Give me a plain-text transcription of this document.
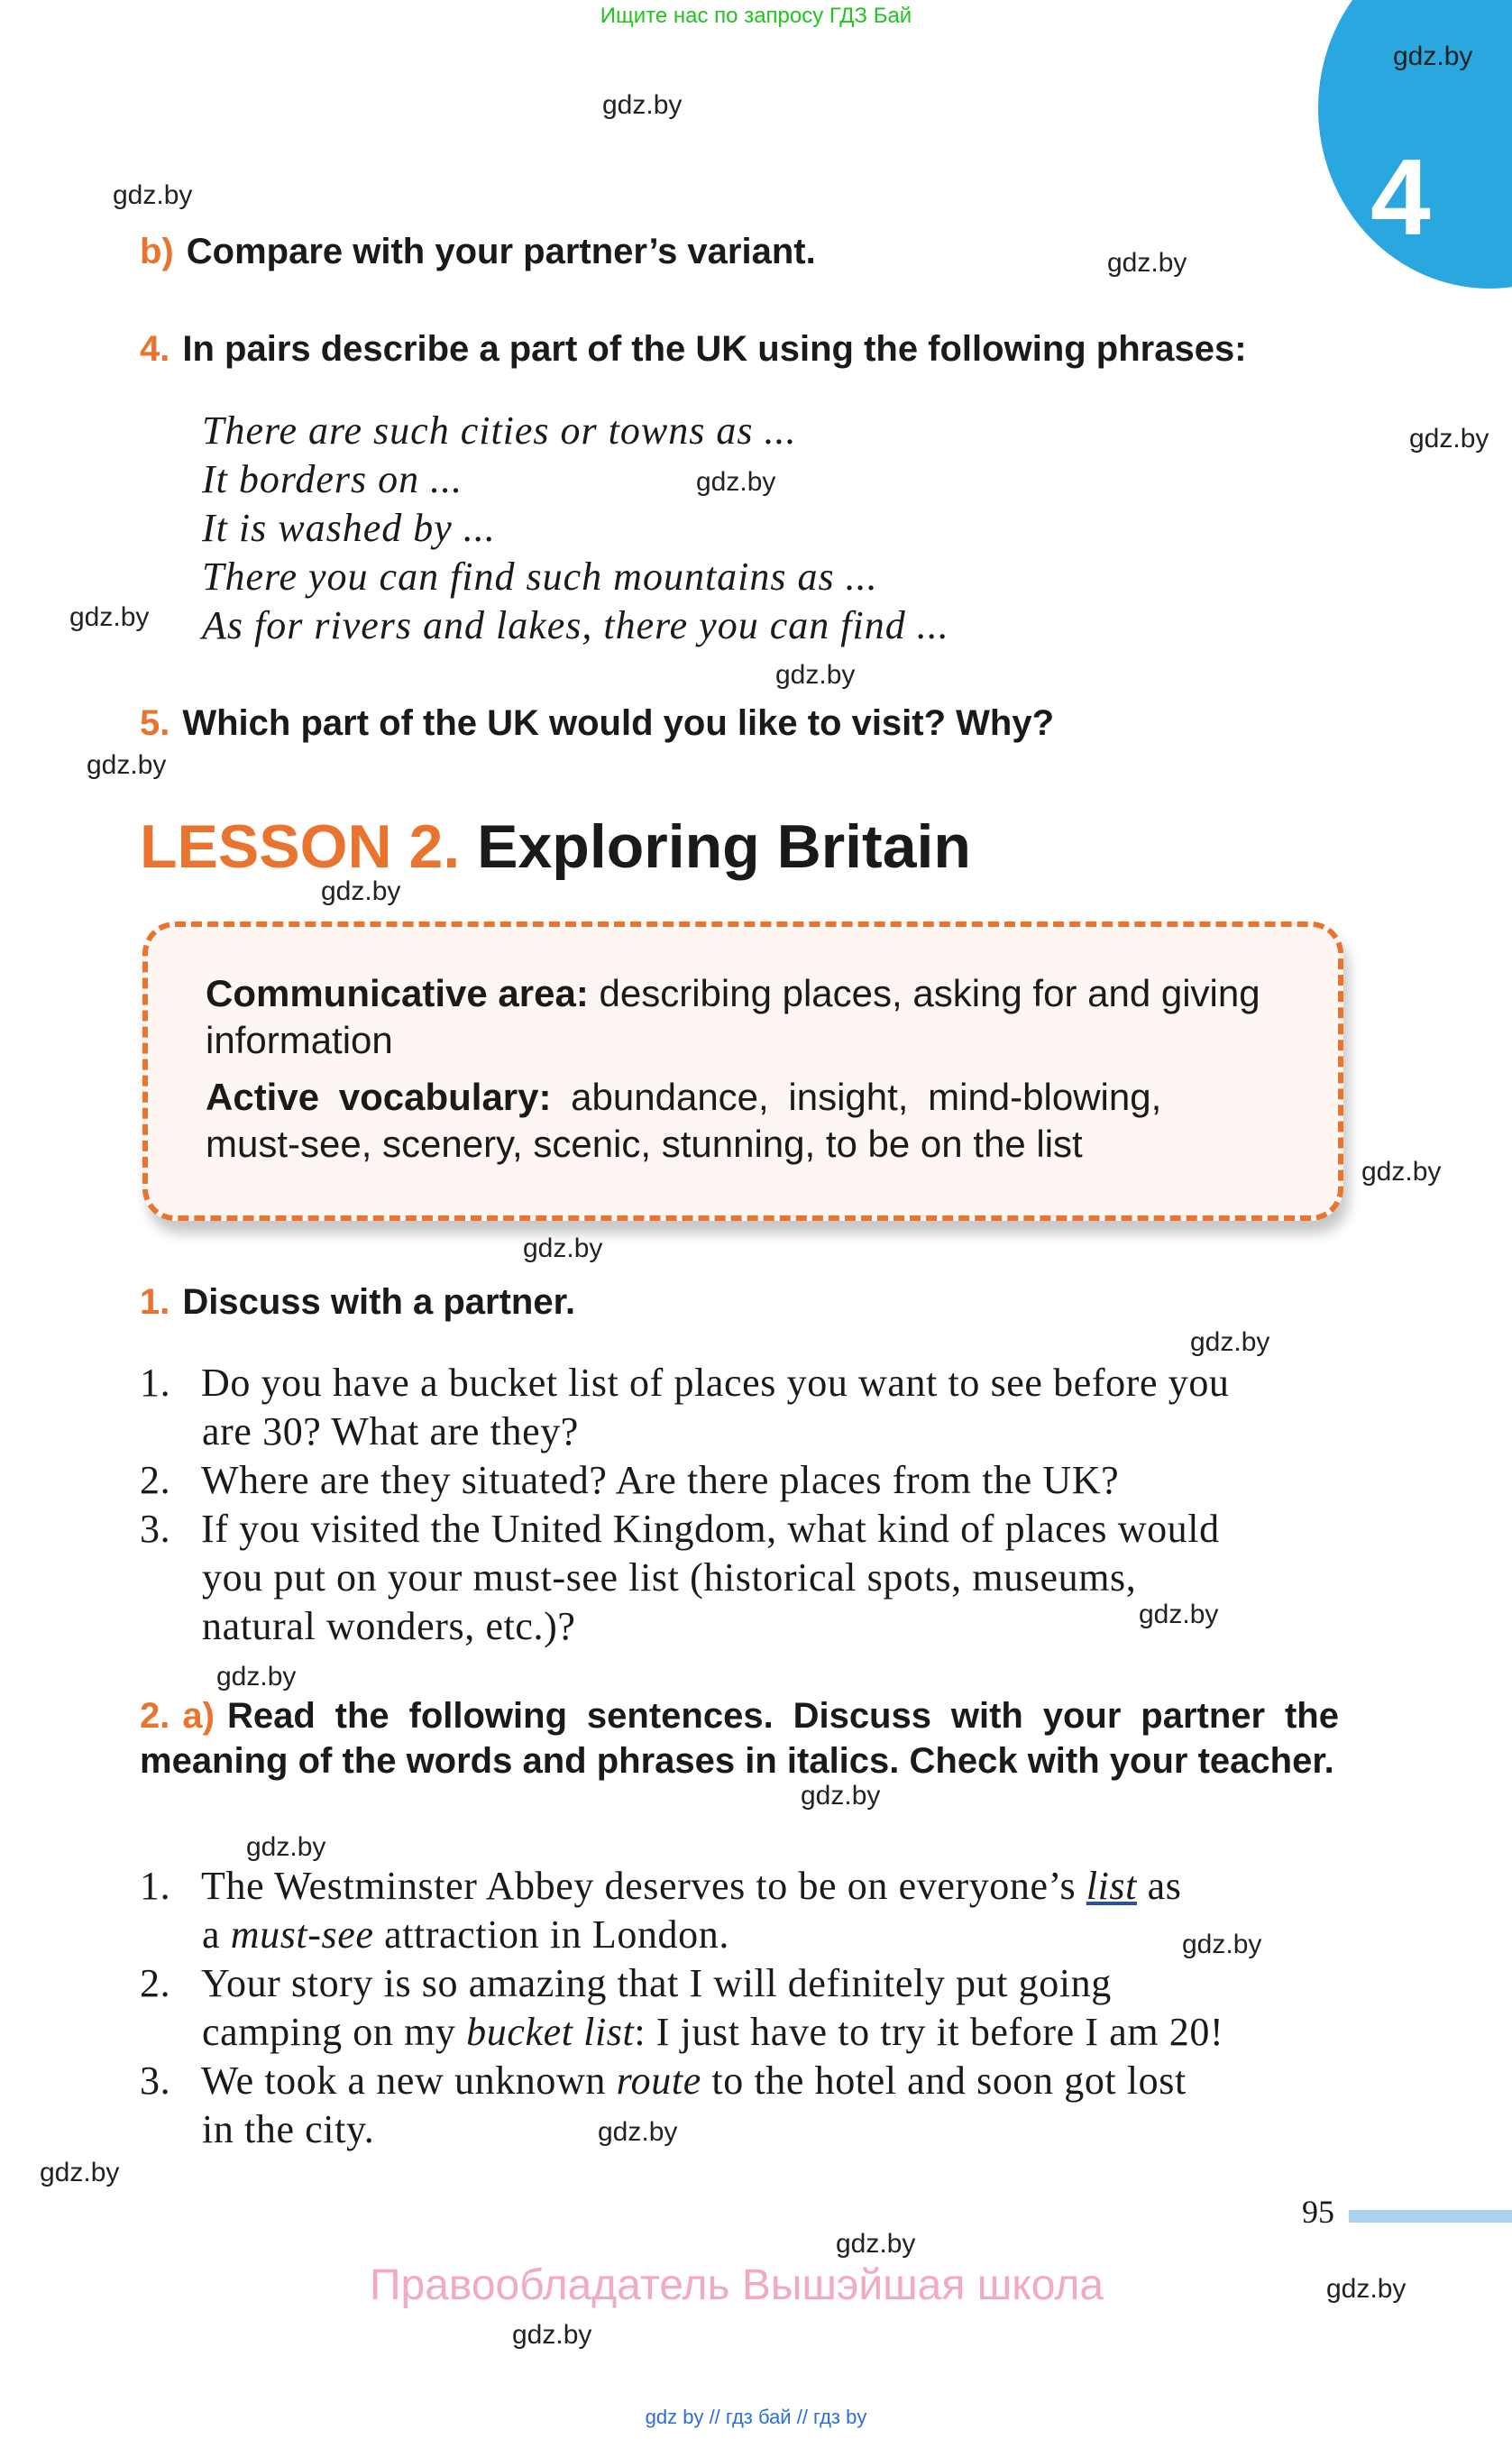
Ищите нас по запросу ГДЗ Бай
4
gdz.by
gdz.by
gdz.by
gdz.by
gdz.by
gdz.by
gdz.by
gdz.by
gdz.by
gdz.by
gdz.by
gdz.by
gdz.by
gdz.by
gdz.by
gdz.by
gdz.by
gdz.by
gdz.by
gdz.by
gdz.by
gdz.by
gdz.by
b) Compare with your partner’s variant.
4. In pairs describe a part of the UK using the following phrases:
There are such cities or towns as ...
It borders on ...
It is washed by ...
There you can find such mountains as ...
As for rivers and lakes, there you can find ...
5. Which part of the UK would you like to visit? Why?
LESSON 2. Exploring Britain
Communicative area: describing places, asking for and giving
information
Active vocabulary: abundance, insight, mind-blowing,
must-see, scenery, scenic, stunning, to be on the list
1. Discuss with a partner.
1. Do you have a bucket list of places you want to see before you
are 30? What are they?
2. Where are they situated? Are there places from the UK?
3. If you visited the United Kingdom, what kind of places would
you put on your must-see list (historical spots, museums,
natural wonders, etc.)?
2. a) Read the following sentences. Discuss with your partner the meaning of the words and phrases in italics. Check with your teacher.
1. The Westminster Abbey deserves to be on everyone’s list as
a must-see attraction in London.
2. Your story is so amazing that I will definitely put going
camping on my bucket list: I just have to try it before I am 20!
3. We took a new unknown route to the hotel and soon got lost
in the city.
95
Правообладатель Вышэйшая школа
gdz by // гдз бай // гдз by
